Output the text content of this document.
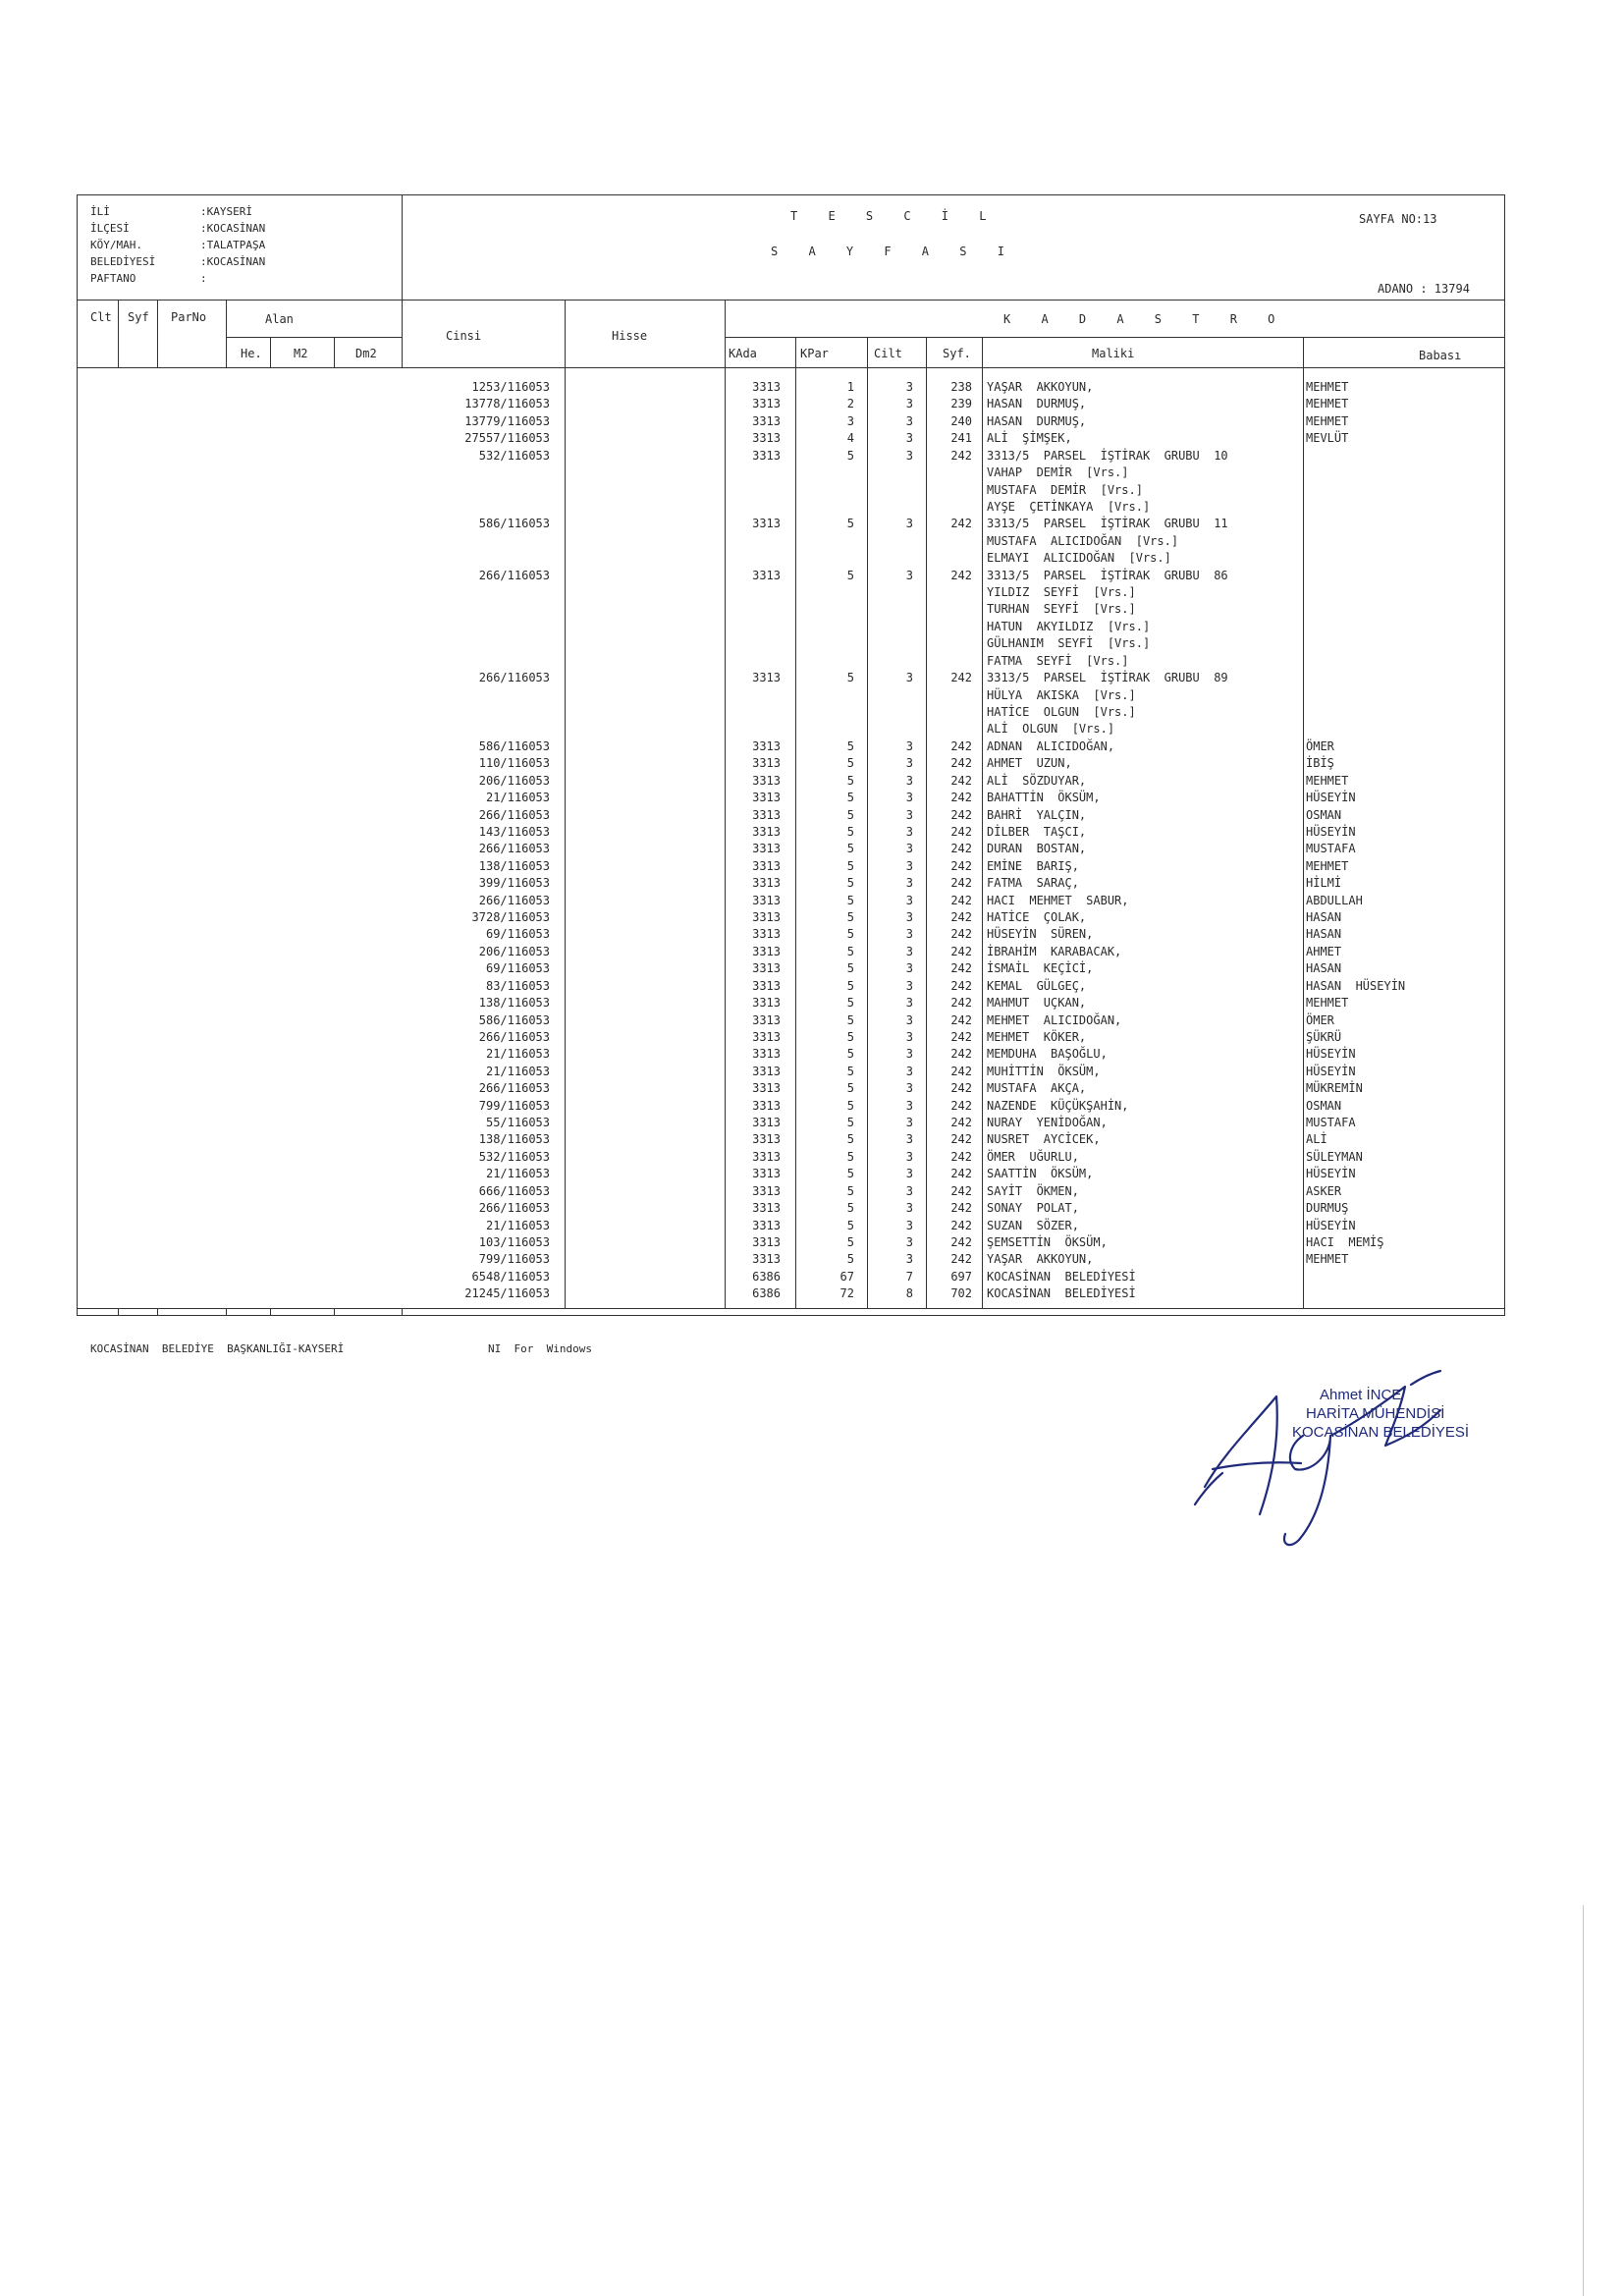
İLİ	:KAYSERİ
İLÇESİ	:KOCASİNAN
KÖY/MAH.	:TALATPAŞA
BELEDİYESİ	:KOCASİNAN
PAFTANO	:
T E S C İ L
S A Y F A S I
SAYFA NO:13
ADANO : 13794
Clt Syf ParNo	Alan
He.	M2	Dm2
Cinsi	Hisse
K A D A S T R O
KAda	KPar	Cilt	Syf.	Maliki	Babası
1253/116053	3313	1	3	238 YAŞAR  AKKOYUN,	MEHMET
13778/116053	3313	2	3	239 HASAN  DURMUŞ,	MEHMET
13779/116053	3313	3	3	240 HASAN  DURMUŞ,	MEHMET
27557/116053	3313	4	3	241 ALİ  ŞİMŞEK,	MEVLÜT
532/116053	3313	5	3	242 3313/5  PARSEL  İŞTİRAK  GRUBU  10
VAHAP  DEMİR  [Vrs.]
MUSTAFA  DEMİR  [Vrs.]
AYŞE  ÇETİNKAYA  [Vrs.]
586/116053	3313	5	3	242 3313/5  PARSEL  İŞTİRAK  GRUBU  11
MUSTAFA  ALICIDOĞAN  [Vrs.]
ELMAYI  ALICIDOĞAN  [Vrs.]
266/116053	3313	5	3	242 3313/5  PARSEL  İŞTİRAK  GRUBU  86
YILDIZ  SEYFİ  [Vrs.]
TURHAN  SEYFİ  [Vrs.]
HATUN  AKYILDIZ  [Vrs.]
GÜLHANIM  SEYFİ  [Vrs.]
FATMA  SEYFİ  [Vrs.]
266/116053	3313	5	3	242 3313/5  PARSEL  İŞTİRAK  GRUBU  89
HÜLYA  AKISKA  [Vrs.]
HATİCE  OLGUN  [Vrs.]
ALİ  OLGUN  [Vrs.]
586/116053	3313	5	3	242 ADNAN  ALICIDOĞAN,	ÖMER
110/116053	3313	5	3	242 AHMET  UZUN,	İBİŞ
206/116053	3313	5	3	242 ALİ  SÖZDUYAR,	MEHMET
21/116053	3313	5	3	242 BAHATTİN  ÖKSÜM,	HÜSEYİN
266/116053	3313	5	3	242 BAHRİ  YALÇIN,	OSMAN
143/116053	3313	5	3	242 DİLBER  TAŞCI,	HÜSEYİN
266/116053	3313	5	3	242 DURAN  BOSTAN,	MUSTAFA
138/116053	3313	5	3	242 EMİNE  BARIŞ,	MEHMET
399/116053	3313	5	3	242 FATMA  SARAÇ,	HİLMİ
266/116053	3313	5	3	242 HACI  MEHMET  SABUR,	ABDULLAH
3728/116053	3313	5	3	242 HATİCE  ÇOLAK,	HASAN
69/116053	3313	5	3	242 HÜSEYİN  SÜREN,	HASAN
206/116053	3313	5	3	242 İBRAHİM  KARABACAK,	AHMET
69/116053	3313	5	3	242 İSMAİL  KEÇİCİ,	HASAN
83/116053	3313	5	3	242 KEMAL  GÜLGEÇ,	HASAN  HÜSEYİN
138/116053	3313	5	3	242 MAHMUT  UÇKAN,	MEHMET
586/116053	3313	5	3	242 MEHMET  ALICIDOĞAN,	ÖMER
266/116053	3313	5	3	242 MEHMET  KÖKER,	ŞÜKRÜ
21/116053	3313	5	3	242 MEMDUHA  BAŞOĞLU,	HÜSEYİN
21/116053	3313	5	3	242 MUHİTTİN  ÖKSÜM,	HÜSEYİN
266/116053	3313	5	3	242 MUSTAFA  AKÇA,	MÜKREMİN
799/116053	3313	5	3	242 NAZENDE  KÜÇÜKŞAHİN,	OSMAN
55/116053	3313	5	3	242 NURAY  YENİDOĞAN,	MUSTAFA
138/116053	3313	5	3	242 NUSRET  AYCİCEK,	ALİ
532/116053	3313	5	3	242 ÖMER  UĞURLU,	SÜLEYMAN
21/116053	3313	5	3	242 SAATTİN  ÖKSÜM,	HÜSEYİN
666/116053	3313	5	3	242 SAYİT  ÖKMEN,	ASKER
266/116053	3313	5	3	242 SONAY  POLAT,	DURMUŞ
21/116053	3313	5	3	242 SUZAN  SÖZER,	HÜSEYİN
103/116053	3313	5	3	242 ŞEMSETTİN  ÖKSÜM,	HACI  MEMİŞ
799/116053	3313	5	3	242 YAŞAR  AKKOYUN,	MEHMET
6548/116053	6386	67	7	697 KOCASİNAN  BELEDİYESİ
21245/116053	6386	72	8	702 KOCASİNAN  BELEDİYESİ
KOCASİNAN  BELEDİYE  BAŞKANLIĞI-KAYSERİ	NI  For  Windows
Ahmet İNCE
HARİTA MÜHENDİSİ
KOCASİNAN BELEDİYESİ
